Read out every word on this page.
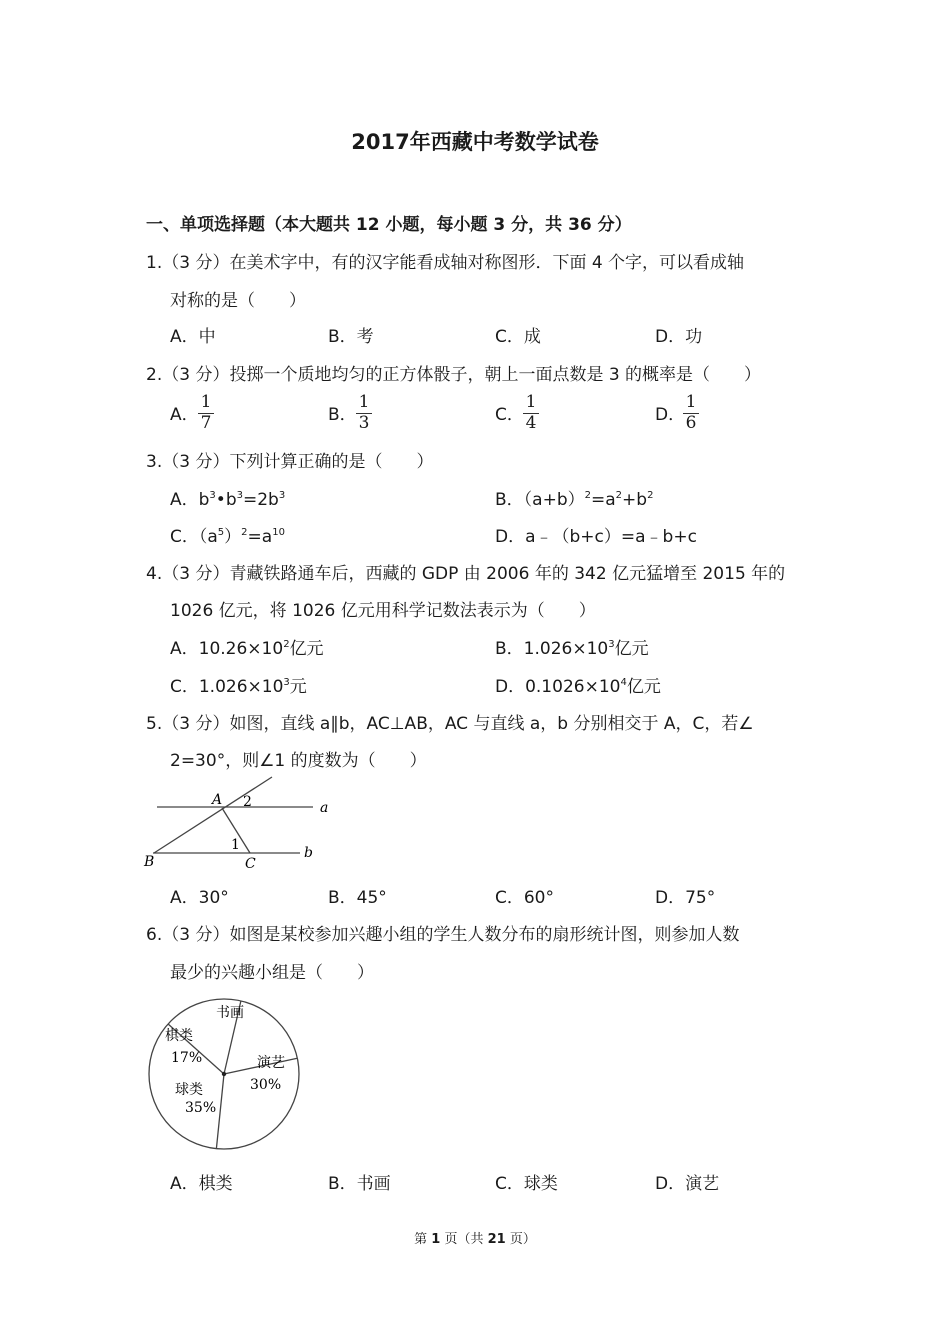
2017年西藏中考数学试卷
一、单项选择题（本大题共 12 小题，每小题 3 分，共 36 分）
1.（3 分）在美术字中，有的汉字能看成轴对称图形．下面 4 个字，可以看成轴
对称的是（　　）
A．中	B．考	C．成	D．功
2.（3 分）投掷一个质地均匀的正方体骰子，朝上一面点数是 3 的概率是（　　）
A． $\frac{1}{7}$	B． $\frac{1}{3}$	C． $\frac{1}{4}$	D．
$\frac{1}{6}$
3.（3 分）下列计算正确的是（　　）
A．$b^3•b^3=2b^3$	B．$(a+b)^2=a^2+b^2$
C．$(a^5)^2=a^{10}$	D．a﹣（b+c）=a﹣b+c
4.（3 分）青藏铁路通车后，西藏的 GDP 由 2006 年的 342 亿元猛增至 2015 年的
1026 亿元，将 1026 亿元用科学记数法表示为（　　）
A．$10.26\times 10^2$亿元	B．$1.026\times 10^3$亿元
C．$1.026\times 10^3$元	D．$0.1026\times 10^4$亿元
5.（3 分）如图，直线 a∥b，AC⊥AB，AC 与直线 a，b 分别相交于 A，C，若∠
2=30°，则∠1 的度数为（　　）
A 2	a
1
B	C
b
A．30°	B．45°	C．60°	D．75°
6.（3 分）如图是某校参加兴趣小组的学生人数分布的扇形统计图，则参加人数
最少的兴趣小组是（　　）
书画
演艺
30%
球类
35%
棋类
17%
A．棋类	B．书画	C．球类	D．演艺
第 1 页（共 21 页）
